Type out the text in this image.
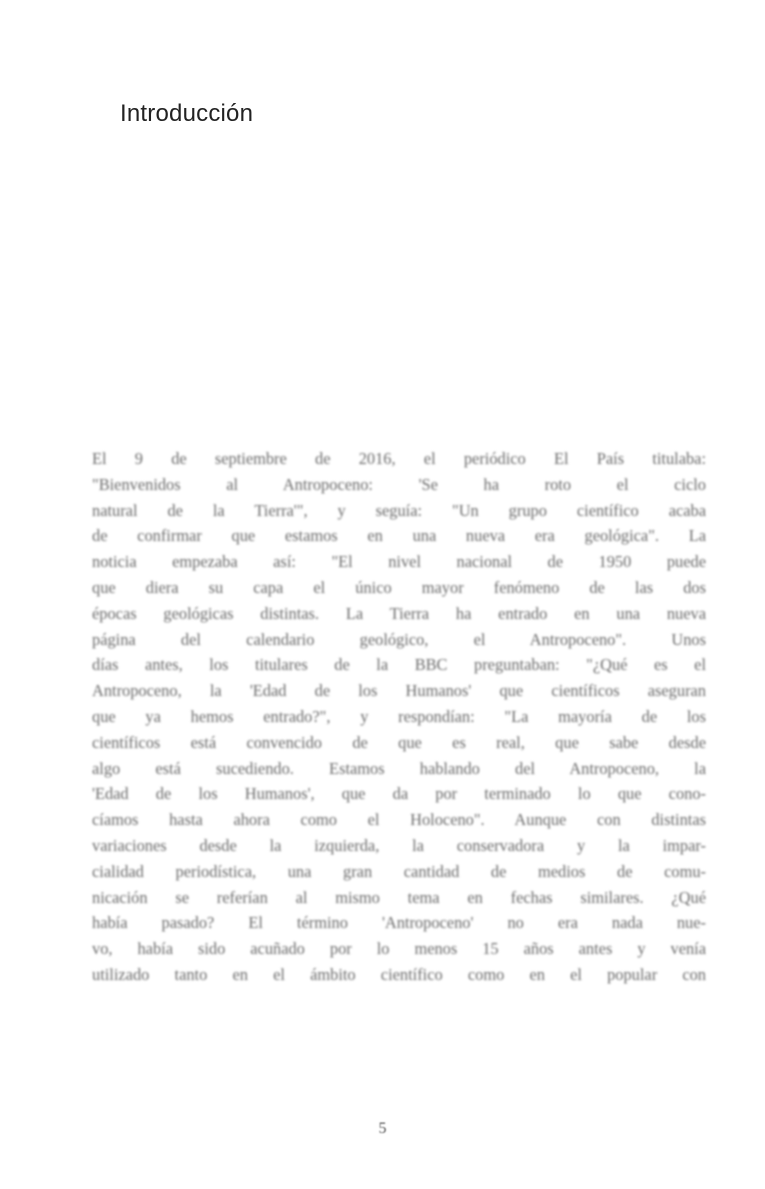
Introducción
El 9 de septiembre de 2016, el periódico El País titulaba:
"Bienvenidos al Antropoceno: 'Se ha roto el ciclo
natural de la Tierra'", y seguía: "Un grupo científico acaba
de confirmar que estamos en una nueva era geológica". La
noticia empezaba así: "El nivel nacional de 1950 puede
que diera su capa el único mayor fenómeno de las dos
épocas geológicas distintas. La Tierra ha entrado en una nueva
página del calendario geológico, el Antropoceno". Unos
días antes, los titulares de la BBC preguntaban: "¿Qué es el
Antropoceno, la 'Edad de los Humanos' que científicos aseguran
que ya hemos entrado?", y respondían: "La mayoría de los
científicos está convencido de que es real, que sabe desde
algo está sucediendo. Estamos hablando del Antropoceno, la
'Edad de los Humanos', que da por terminado lo que cono-
cíamos hasta ahora como el Holoceno". Aunque con distintas
variaciones desde la izquierda, la conservadora y la impar-
cialidad periodística, una gran cantidad de medios de comu-
nicación se referían al mismo tema en fechas similares. ¿Qué
había pasado? El término 'Antropoceno' no era nada nue-
vo, había sido acuñado por lo menos 15 años antes y venía
utilizado tanto en el ámbito científico como en el popular con
5
